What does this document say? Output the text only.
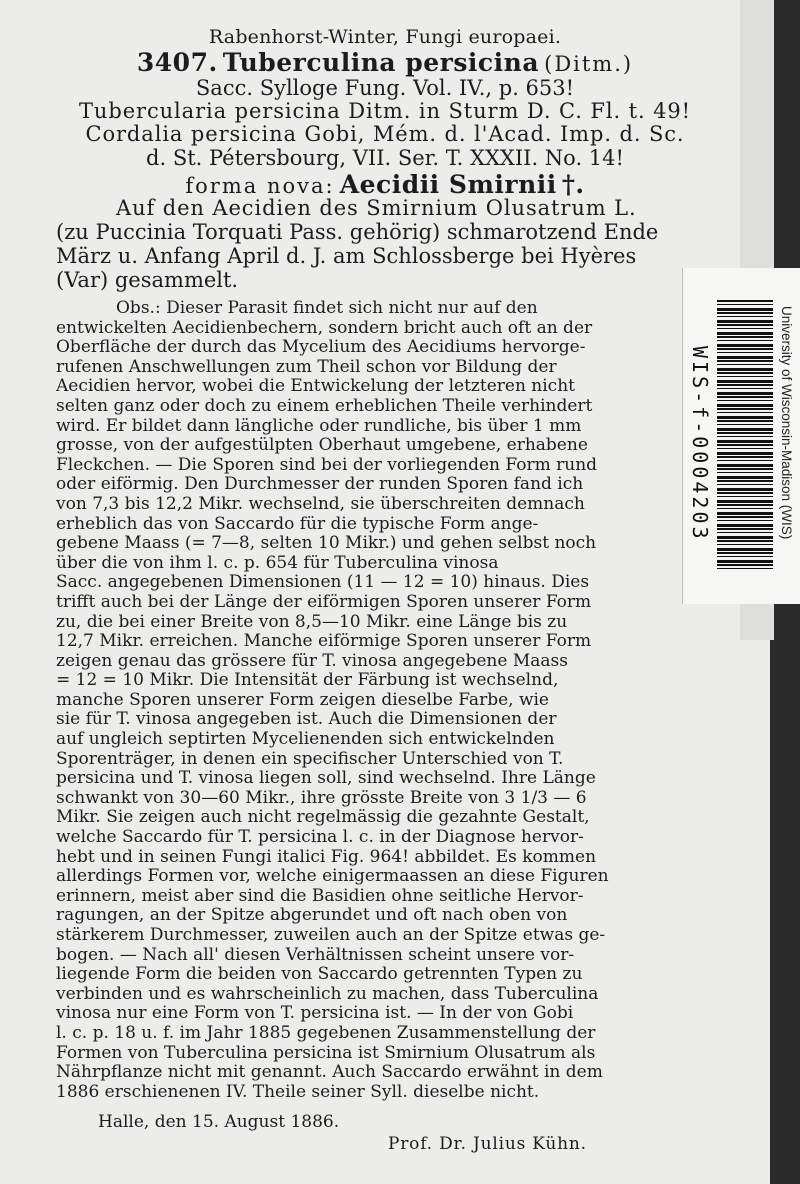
Rabenhorst-Winter, Fungi europaei.
3407. Tuberculina persicina (Ditm.)
Sacc. Sylloge Fung. Vol. IV., p. 653!
Tubercularia persicina Ditm. in Sturm D. C. Fl. t. 49!
Cordalia persicina Gobi, Mém. d. l'Acad. Imp. d. Sc.
d. St. Pétersbourg, VII. Ser. T. XXXII. No. 14!
forma nova: Aecidii Smirnii †.
Auf den Aecidien des Smirnium Olusatrum L.
(zu Puccinia Torquati Pass. gehörig) schmarotzend Ende
März u. Anfang April d. J. am Schlossberge bei Hyères
(Var) gesammelt.
Obs.: Dieser Parasit findet sich nicht nur auf den
entwickelten Aecidienbechern, sondern bricht auch oft an der
Oberfläche der durch das Mycelium des Aecidiums hervorge-
rufenen Anschwellungen zum Theil schon vor Bildung der
Aecidien hervor, wobei die Entwickelung der letzteren nicht
selten ganz oder doch zu einem erheblichen Theile verhindert
wird. Er bildet dann längliche oder rundliche, bis über 1 mm
grosse, von der aufgestülpten Oberhaut umgebene, erhabene
Fleckchen. — Die Sporen sind bei der vorliegenden Form rund
oder eiförmig. Den Durchmesser der runden Sporen fand ich
von 7,3 bis 12,2 Mikr. wechselnd, sie überschreiten demnach
erheblich das von Saccardo für die typische Form ange-
gebene Maass (= 7—8, selten 10 Mikr.) und gehen selbst noch
über die von ihm l. c. p. 654 für Tuberculina vinosa
Sacc. angegebenen Dimensionen (11 — 12 = 10) hinaus. Dies
trifft auch bei der Länge der eiförmigen Sporen unserer Form
zu, die bei einer Breite von 8,5—10 Mikr. eine Länge bis zu
12,7 Mikr. erreichen. Manche eiförmige Sporen unserer Form
zeigen genau das grössere für T. vinosa angegebene Maass
= 12 = 10 Mikr. Die Intensität der Färbung ist wechselnd,
manche Sporen unserer Form zeigen dieselbe Farbe, wie
sie für T. vinosa angegeben ist. Auch die Dimensionen der
auf ungleich septirten Mycelienenden sich entwickelnden
Sporenträger, in denen ein specifischer Unterschied von T.
persicina und T. vinosa liegen soll, sind wechselnd. Ihre Länge
schwankt von 30—60 Mikr., ihre grösste Breite von 3 1/3 — 6
Mikr. Sie zeigen auch nicht regelmässig die gezahnte Gestalt,
welche Saccardo für T. persicina l. c. in der Diagnose hervor-
hebt und in seinen Fungi italici Fig. 964! abbildet. Es kommen
allerdings Formen vor, welche einigermaassen an diese Figuren
erinnern, meist aber sind die Basidien ohne seitliche Hervor-
ragungen, an der Spitze abgerundet und oft nach oben von
stärkerem Durchmesser, zuweilen auch an der Spitze etwas ge-
bogen. — Nach all' diesen Verhältnissen scheint unsere vor-
liegende Form die beiden von Saccardo getrennten Typen zu
verbinden und es wahrscheinlich zu machen, dass Tuberculina
vinosa nur eine Form von T. persicina ist. — In der von Gobi
l. c. p. 18 u. f. im Jahr 1885 gegebenen Zusammenstellung der
Formen von Tuberculina persicina ist Smirnium Olusatrum als
Nährpflanze nicht mit genannt. Auch Saccardo erwähnt in dem
1886 erschienenen IV. Theile seiner Syll. dieselbe nicht.
Halle, den 15. August 1886.
Prof. Dr. Julius Kühn.
WIS-f-0004203	University of Wisconsin-Madison (WIS)
